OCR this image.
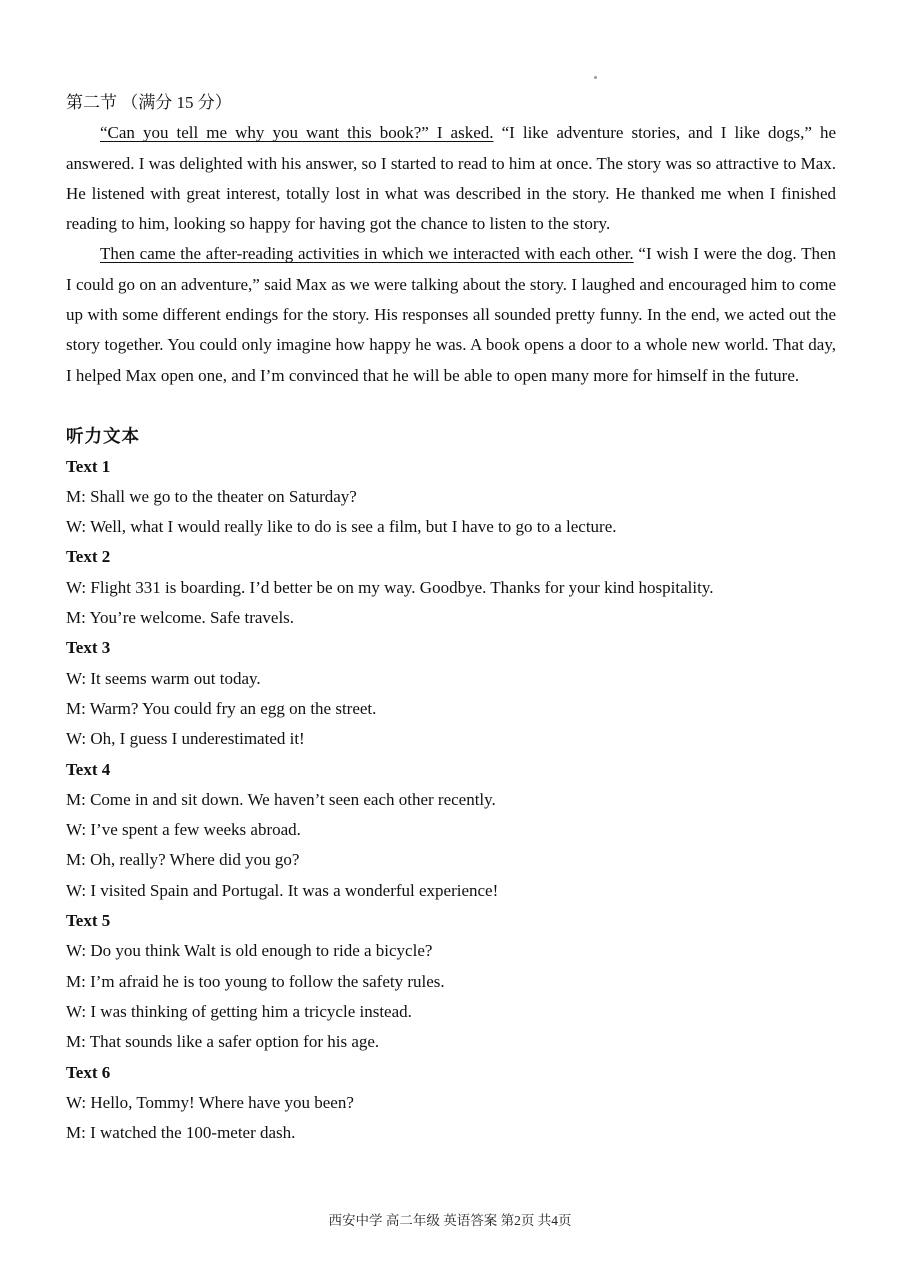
第二节 （满分 15 分）

“Can you tell me why you want this book?” I asked. “I like adventure stories, and I like dogs,” he answered. I was delighted with his answer, so I started to read to him at once. The story was so attractive to Max. He listened with great interest, totally lost in what was described in the story. He thanked me when I finished reading to him, looking so happy for having got the chance to listen to the story.

Then came the after-reading activities in which we interacted with each other. “I wish I were the dog. Then I could go on an adventure,” said Max as we were talking about the story. I laughed and encouraged him to come up with some different endings for the story. His responses all sounded pretty funny. In the end, we acted out the story together. You could only imagine how happy he was. A book opens a door to a whole new world. That day, I helped Max open one, and I’m convinced that he will be able to open many more for himself in the future.

听力文本
Text 1
M: Shall we go to the theater on Saturday?
W: Well, what I would really like to do is see a film, but I have to go to a lecture.
Text 2
W: Flight 331 is boarding. I’d better be on my way. Goodbye. Thanks for your kind hospitality.
M: You’re welcome. Safe travels.
Text 3
W: It seems warm out today.
M: Warm? You could fry an egg on the street.
W: Oh, I guess I underestimated it!
Text 4
M: Come in and sit down. We haven’t seen each other recently.
W: I’ve spent a few weeks abroad.
M: Oh, really? Where did you go?
W: I visited Spain and Portugal. It was a wonderful experience!
Text 5
W: Do you think Walt is old enough to ride a bicycle?
M: I’m afraid he is too young to follow the safety rules.
W: I was thinking of getting him a tricycle instead.
M: That sounds like a safer option for his age.
Text 6
W: Hello, Tommy! Where have you been?
M: I watched the 100-meter dash.
西安中学 高二年级 英语答案 第2页 共4页
